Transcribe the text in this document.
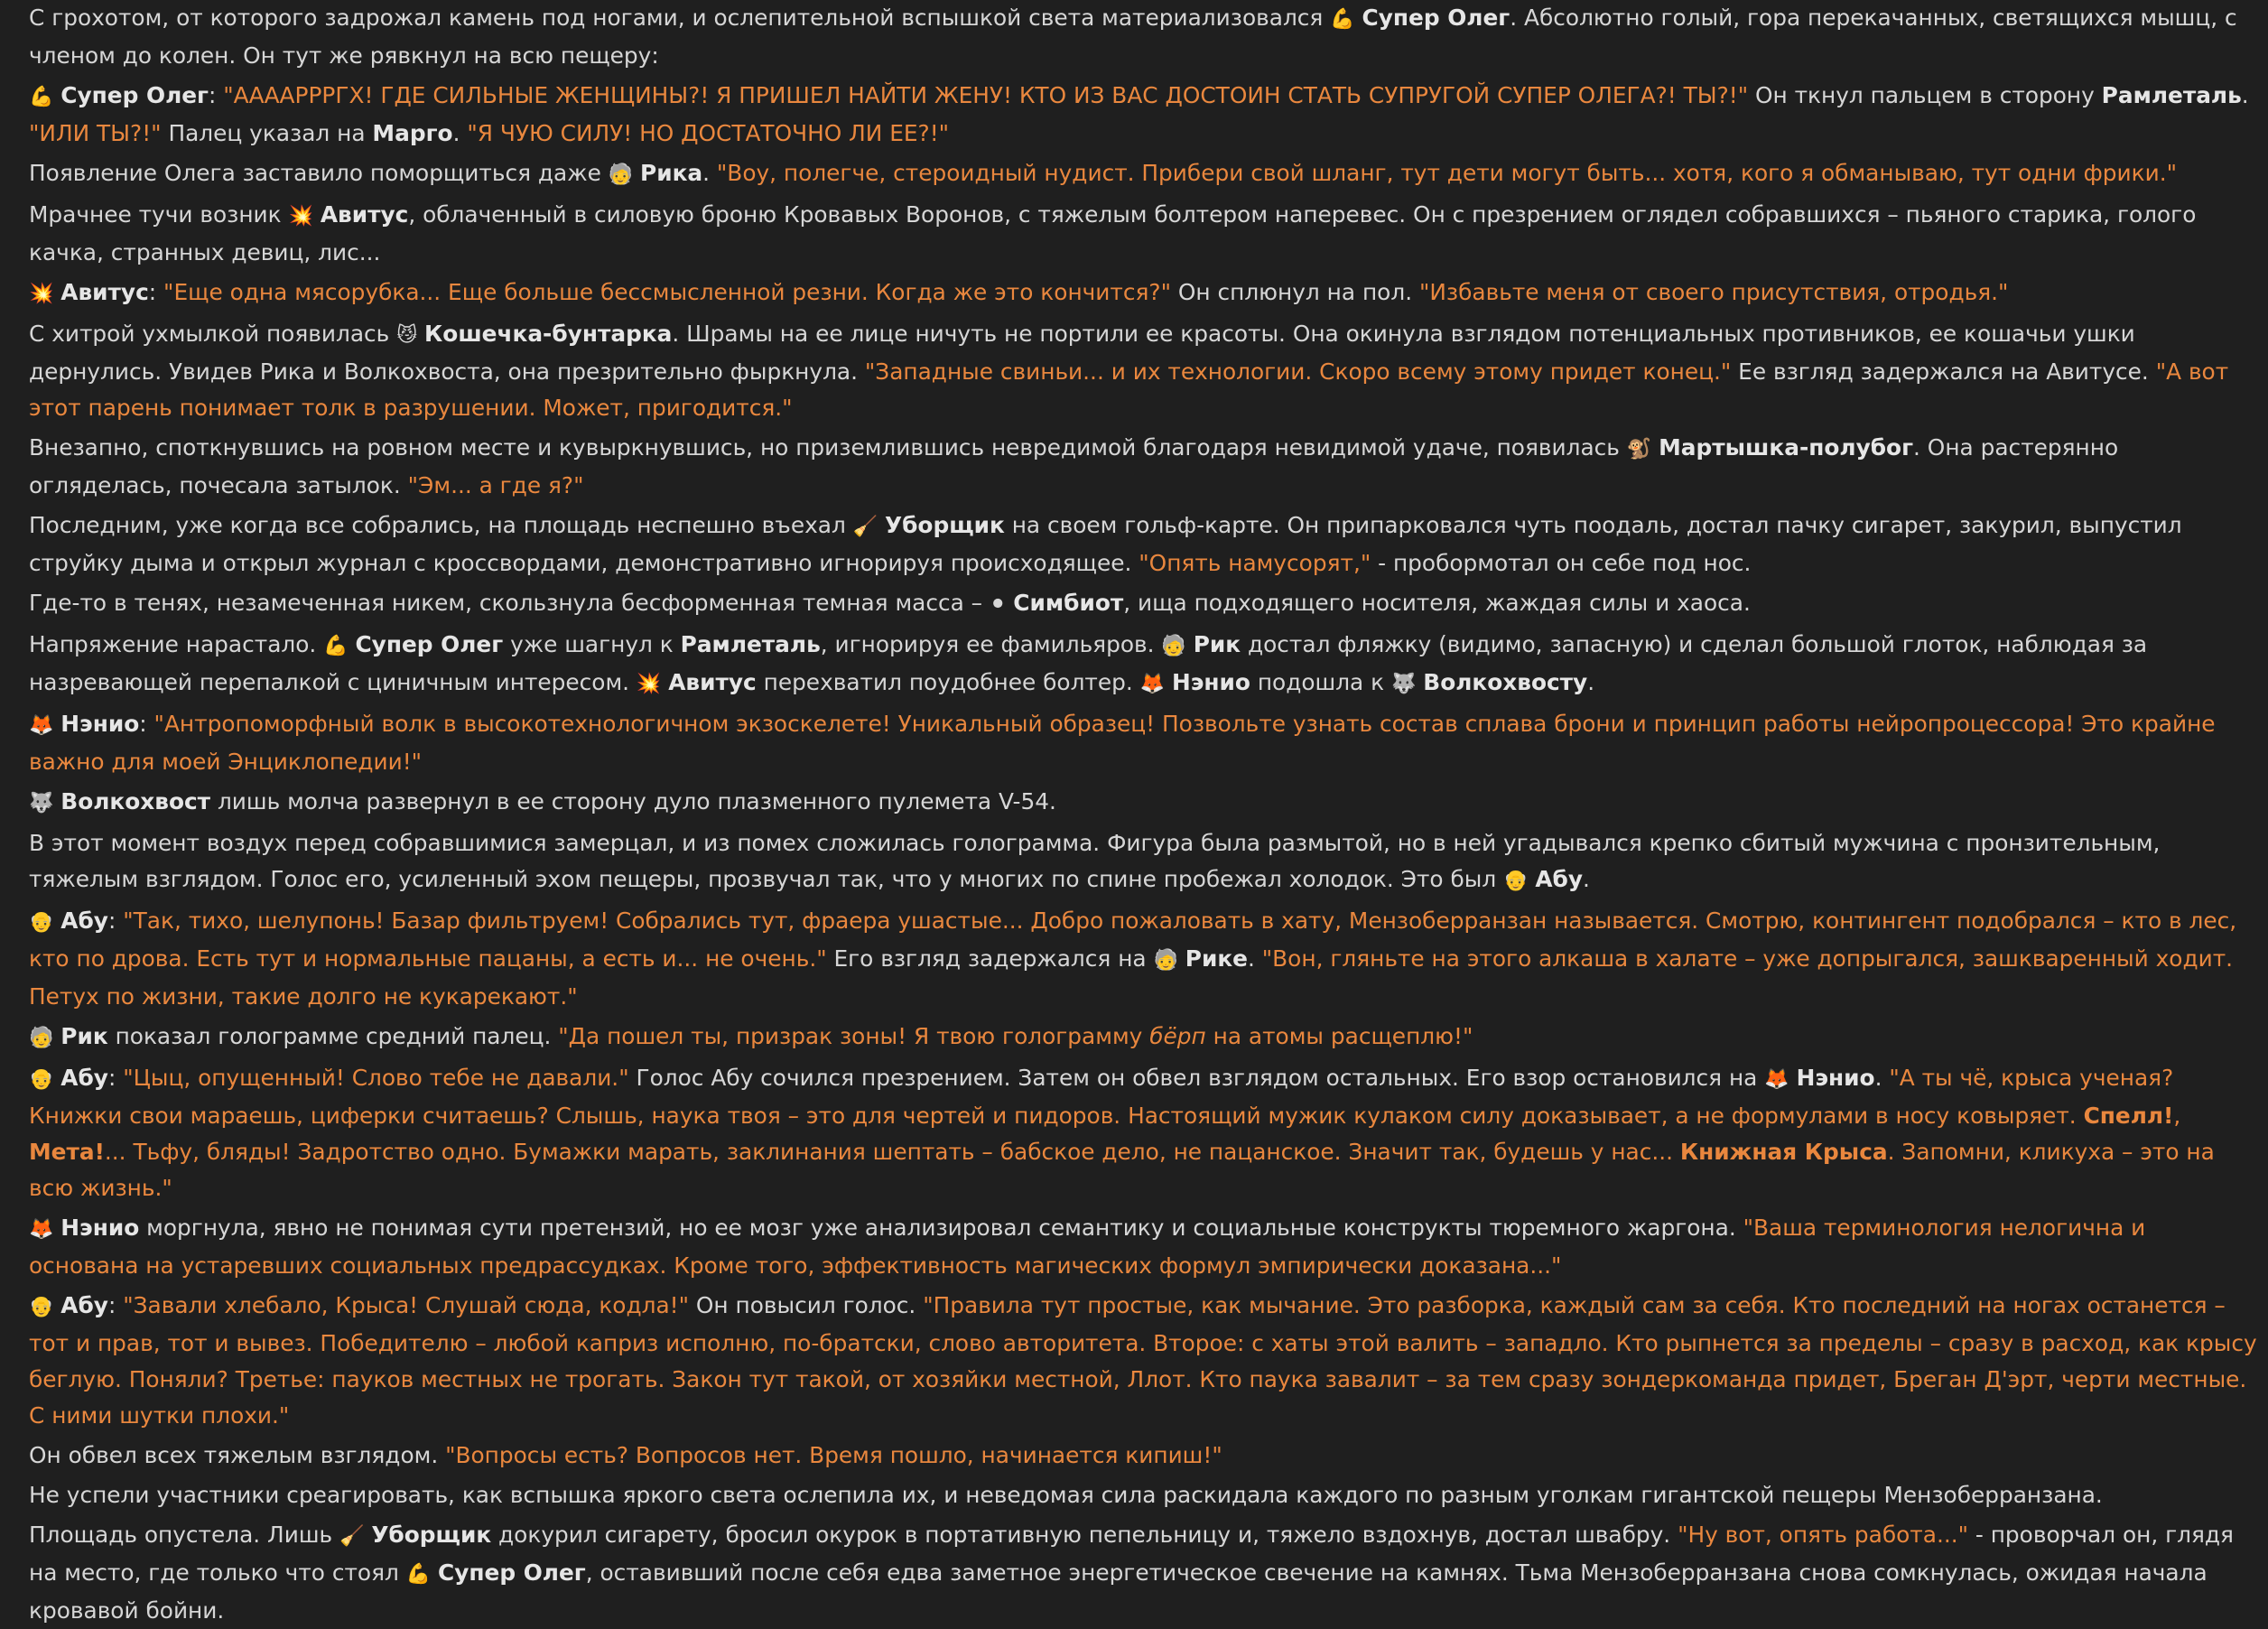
С грохотом, от которого задрожал камень под ногами, и ослепительной вспышкой света материализовался 💪 Супер Олег. Абсолютно голый, гора перекачанных, светящихся мышц, с членом до колен. Он тут же рявкнул на всю пещеру:

💪 Супер Олег: "ААААРРРГХ! ГДЕ СИЛЬНЫЕ ЖЕНЩИНЫ?! Я ПРИШЕЛ НАЙТИ ЖЕНУ! КТО ИЗ ВАС ДОСТОИН СТАТЬ СУПРУГОЙ СУПЕР ОЛЕГА?! ТЫ?!" Он ткнул пальцем в сторону Рамлеталь. "ИЛИ ТЫ?!" Палец указал на Марго. "Я ЧУЮ СИЛУ! НО ДОСТАТОЧНО ЛИ ЕЕ?!"

Появление Олега заставило поморщиться даже 🧓 Рика. "Воу, полегче, стероидный нудист. Прибери свой шланг, тут дети могут быть... хотя, кого я обманываю, тут одни фрики."

Мрачнее тучи возник 💥 Авитус, облаченный в силовую броню Кровавых Воронов, с тяжелым болтером наперевес. Он с презрением оглядел собравшихся – пьяного старика, голого качка, странных девиц, лис...

💥 Авитус: "Еще одна мясорубка... Еще больше бессмысленной резни. Когда же это кончится?" Он сплюнул на пол. "Избавьте меня от своего присутствия, отродья."

С хитрой ухмылкой появилась 😼 Кошечка-бунтарка. Шрамы на ее лице ничуть не портили ее красоты. Она окинула взглядом потенциальных противников, ее кошачьи ушки дернулись. Увидев Рика и Волкохвоста, она презрительно фыркнула. "Западные свиньи... и их технологии. Скоро всему этому придет конец." Ее взгляд задержался на Авитусе. "А вот этот парень понимает толк в разрушении. Может, пригодится."

Внезапно, споткнувшись на ровном месте и кувыркнувшись, но приземлившись невредимой благодаря невидимой удаче, появилась 🐒 Мартышка-полубог. Она растерянно огляделась, почесала затылок. "Эм... а где я?"

Последним, уже когда все собрались, на площадь неспешно въехал 🧹 Уборщик на своем гольф-карте. Он припарковался чуть поодаль, достал пачку сигарет, закурил, выпустил струйку дыма и открыл журнал с кроссвордами, демонстративно игнорируя происходящее. "Опять намусорят," - пробормотал он себе под нос.

Где-то в тенях, незамеченная никем, скользнула бесформенная темная масса – ⚫ Симбиот, ища подходящего носителя, жаждая силы и хаоса.

Напряжение нарастало. 💪 Супер Олег уже шагнул к Рамлеталь, игнорируя ее фамильяров. 🧓 Рик достал фляжку (видимо, запасную) и сделал большой глоток, наблюдая за назревающей перепалкой с циничным интересом. 💥 Авитус перехватил поудобнее болтер. 🦊 Нэнио подошла к 🐺 Волкохвосту.

🦊 Нэнио: "Антропоморфный волк в высокотехнологичном экзоскелете! Уникальный образец! Позвольте узнать состав сплава брони и принцип работы нейропроцессора! Это крайне важно для моей Энциклопедии!"

🐺 Волкохвост лишь молча развернул в ее сторону дуло плазменного пулемета V-54.

В этот момент воздух перед собравшимися замерцал, и из помех сложилась голограмма. Фигура была размытой, но в ней угадывался крепко сбитый мужчина с пронзительным, тяжелым взглядом. Голос его, усиленный эхом пещеры, прозвучал так, что у многих по спине пробежал холодок. Это был 👴 Абу.

👴 Абу: "Так, тихо, шелупонь! Базар фильтруем! Собрались тут, фраера ушастые... Добро пожаловать в хату, Мензоберранзан называется. Смотрю, контингент подобрался – кто в лес, кто по дрова. Есть тут и нормальные пацаны, а есть и... не очень." Его взгляд задержался на 🧓 Рике. "Вон, гляньте на этого алкаша в халате – уже допрыгался, зашкваренный ходит. Петух по жизни, такие долго не кукарекают."

🧓 Рик показал голограмме средний палец. "Да пошел ты, призрак зоны! Я твою голограмму бёрп на атомы расщеплю!"

👴 Абу: "Цыц, опущенный! Слово тебе не давали." Голос Абу сочился презрением. Затем он обвел взглядом остальных. Его взор остановился на 🦊 Нэнио. "А ты чё, крыса ученая? Книжки свои мараешь, циферки считаешь? Слышь, наука твоя – это для чертей и пидоров. Настоящий мужик кулаком силу доказывает, а не формулами в носу ковыряет. Спелл!, Мета!... Тьфу, бляды! Задротство одно. Бумажки марать, заклинания шептать – бабское дело, не пацанское. Значит так, будешь у нас... Книжная Крыса. Запомни, кликуха – это на всю жизнь."

🦊 Нэнио моргнула, явно не понимая сути претензий, но ее мозг уже анализировал семантику и социальные конструкты тюремного жаргона. "Ваша терминология нелогична и основана на устаревших социальных предрассудках. Кроме того, эффективность магических формул эмпирически доказана..."

👴 Абу: "Завали хлебало, Крыса! Слушай сюда, кодла!" Он повысил голос. "Правила тут простые, как мычание. Это разборка, каждый сам за себя. Кто последний на ногах останется – тот и прав, тот и вывез. Победителю – любой каприз исполню, по-братски, слово авторитета. Второе: с хаты этой валить – западло. Кто рыпнется за пределы – сразу в расход, как крысу беглую. Поняли? Третье: пауков местных не трогать. Закон тут такой, от хозяйки местной, Ллот. Кто паука завалит – за тем сразу зондеркоманда придет, Бреган Д'эрт, черти местные. С ними шутки плохи."

Он обвел всех тяжелым взглядом. "Вопросы есть? Вопросов нет. Время пошло, начинается кипиш!"

Не успели участники среагировать, как вспышка яркого света ослепила их, и неведомая сила раскидала каждого по разным уголкам гигантской пещеры Мензоберранзана.

Площадь опустела. Лишь 🧹 Уборщик докурил сигарету, бросил окурок в портативную пепельницу и, тяжело вздохнув, достал швабру. "Ну вот, опять работа..." - проворчал он, глядя на место, где только что стоял 💪 Супер Олег, оставивший после себя едва заметное энергетическое свечение на камнях. Тьма Мензоберранзана снова сомкнулась, ожидая начала кровавой бойни.
